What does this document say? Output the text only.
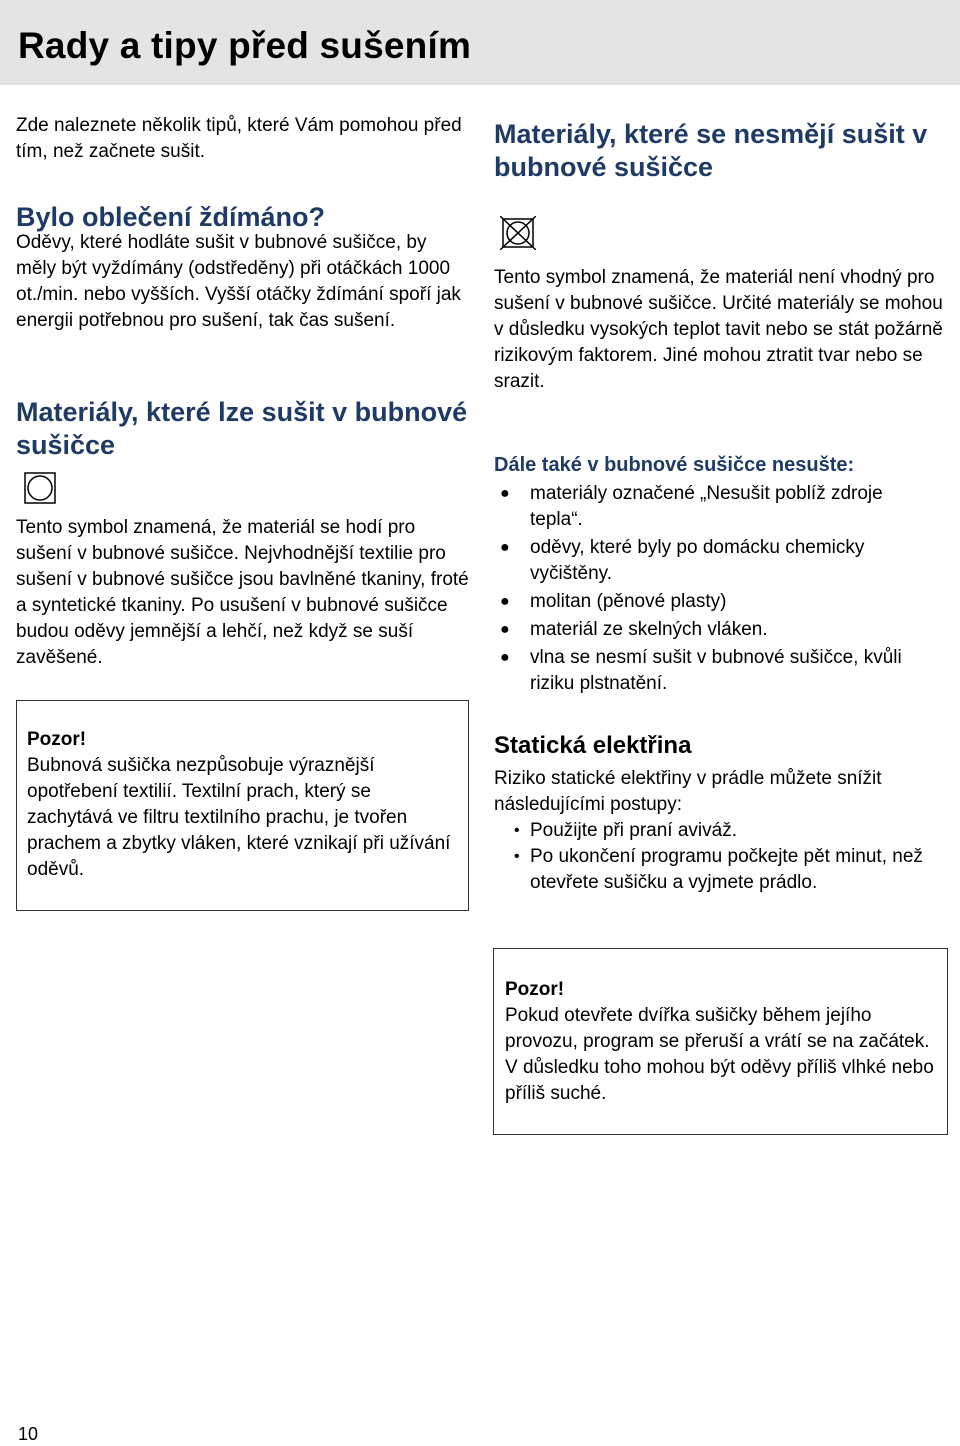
Rady a tipy před sušením

Zde naleznete několik tipů, které Vám pomohou před tím, než začnete sušit.

Bylo oblečení ždímáno?

Oděvy, které hodláte sušit v bubnové sušičce, by měly být vyždímány (odstředěny) při otáčkách 1000 ot./min. nebo vyšších. Vyšší otáčky ždímání spoří jak energii potřebnou pro sušení, tak čas sušení.

Materiály, které lze sušit v bubnové sušičce

Tento symbol znamená, že materiál se hodí pro sušení v bubnové sušičce. Nejvhodnější textilie pro sušení v bubnové sušičce jsou bavlněné tkaniny, froté a syntetické tkaniny. Po usušení v bubnové sušičce budou oděvy jemnější a lehčí, než když se suší zavěšené.

Pozor!

Bubnová sušička nezpůsobuje výraznější opotřebení textilií. Textilní prach, který se zachytává ve filtru textilního prachu, je tvořen prachem a zbytky vláken, které vznikají při užívání oděvů.

Materiály, které se nesmějí sušit v bubnové sušičce

Tento symbol znamená, že materiál není vhodný pro sušení v bubnové sušičce. Určité materiály se mohou v důsledku vysokých teplot tavit nebo se stát požárně rizikovým faktorem. Jiné mohou ztratit tvar nebo se srazit.

Dále také v bubnové sušičce nesušte:
● materiály označené „Nesušit poblíž zdroje tepla“.
● oděvy, které byly po domácku chemicky vyčištěny.
● molitan (pěnové plasty)
● materiál ze skelných vláken.
● vlna se nesmí sušit v bubnové sušičce, kvůli riziku plstnatění.
Statická elektřina

Riziko statické elektřiny v prádle můžete snížit následujícími postupy:

• Použijte při praní aviváž.
• Po ukončení programu počkejte pět minut, než otevřete sušičku a vyjmete prádlo.

Pozor!

Pokud otevřete dvířka sušičky během jejího provozu, program se přeruší a vrátí se na začátek. V důsledku toho mohou být oděvy příliš vlhké nebo příliš suché.

10
